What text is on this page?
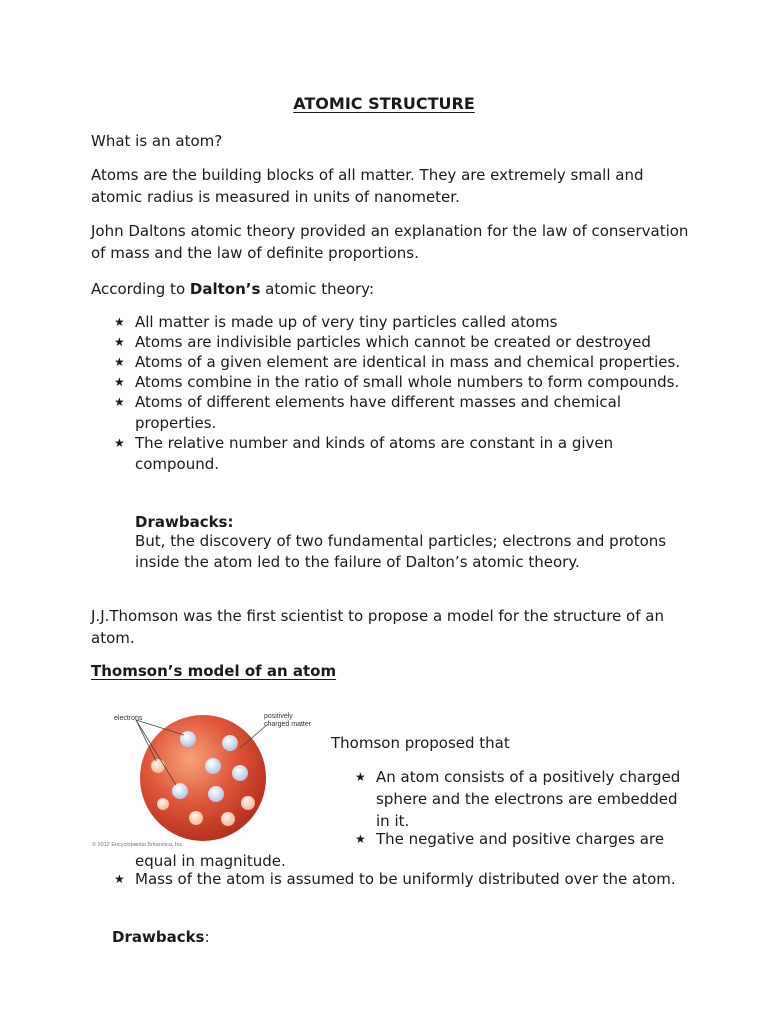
ATOMIC STRUCTURE
What is an atom?
Atoms are the building blocks of all matter. They are extremely small and atomic radius is measured in units of nanometer.
John Daltons atomic theory provided an explanation for the law of conservation of mass and the law of definite proportions.
According to Dalton’s atomic theory:
★ All matter is made up of very tiny particles called atoms
★ Atoms are indivisible particles which cannot be created or destroyed
★ Atoms of a given element are identical in mass and chemical properties.
★ Atoms combine in the ratio of small whole numbers to form compounds.
★ Atoms of different elements have different masses and chemical properties.
★ The relative number and kinds of atoms are constant in a given compound.
Drawbacks:
But, the discovery of two fundamental particles; electrons and protons inside the atom led to the failure of Dalton’s atomic theory.
J.J.Thomson was the first scientist to propose a model for the structure of an atom.
Thomson’s model of an atom
electrons	positively
charged matter
© 2012 Encyclopædia Britannica, Inc.
Thomson proposed that
★ An atom consists of a positively charged sphere and the electrons are embedded in it.
★ The negative and positive charges are
equal in magnitude.
★ Mass of the atom is assumed to be uniformly distributed over the atom.
Drawbacks:
